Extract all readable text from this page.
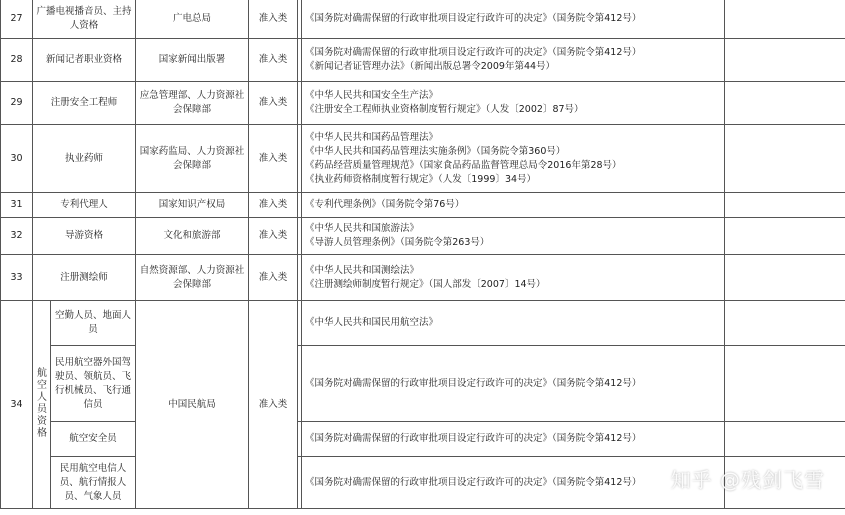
27	广播电视播音员、主持人资格		广电总局	准入类		《国务院对确需保留的行政审批项目设定行政许可的决定》（国务院令第412号）	

28	新闻记者职业资格		国家新闻出版署	准入类		《国务院对确需保留的行政审批项目设定行政许可的决定》（国务院令第412号）
《新闻记者证管理办法》（新闻出版总署令2009年第44号）	

29	注册安全工程师		应急管理部、人力资源社会保障部	准入类		《中华人民共和国安全生产法》
《注册安全工程师执业资格制度暂行规定》（人发〔2002〕87号）	

30	执业药师		国家药监局、人力资源社会保障部	准入类		《中华人民共和国药品管理法》
《中华人民共和国药品管理法实施条例》（国务院令第360号）
《药品经营质量管理规范》（国家食品药品监督管理总局令2016年第28号）
《执业药师资格制度暂行规定》（人发〔1999〕34号）	

31	专利代理人		国家知识产权局	准入类		《专利代理条例》（国务院令第76号）	

32	导游资格		文化和旅游部	准入类		《中华人民共和国旅游法》
《导游人员管理条例》（国务院令第263号）	

33	注册测绘师		自然资源部、人力资源社会保障部	准入类		《中华人民共和国测绘法》
《注册测绘师制度暂行规定》（国人部发〔2007〕14号）	

34	航空人员资格	空勤人员、地面人员	中国民航局	准入类		《中华人民共和国民用航空法》	

		民用航空器外国驾驶员、领航员、飞行机械员、飞行通信员				《国务院对确需保留的行政审批项目设定行政许可的决定》（国务院令第412号）	

		航空安全员				《国务院对确需保留的行政审批项目设定行政许可的决定》（国务院令第412号）	

		民用航空电信人员、航行情报人员、气象人员				《国务院对确需保留的行政审批项目设定行政许可的决定》（国务院令第412号）	
		知乎 @残剑飞雪
